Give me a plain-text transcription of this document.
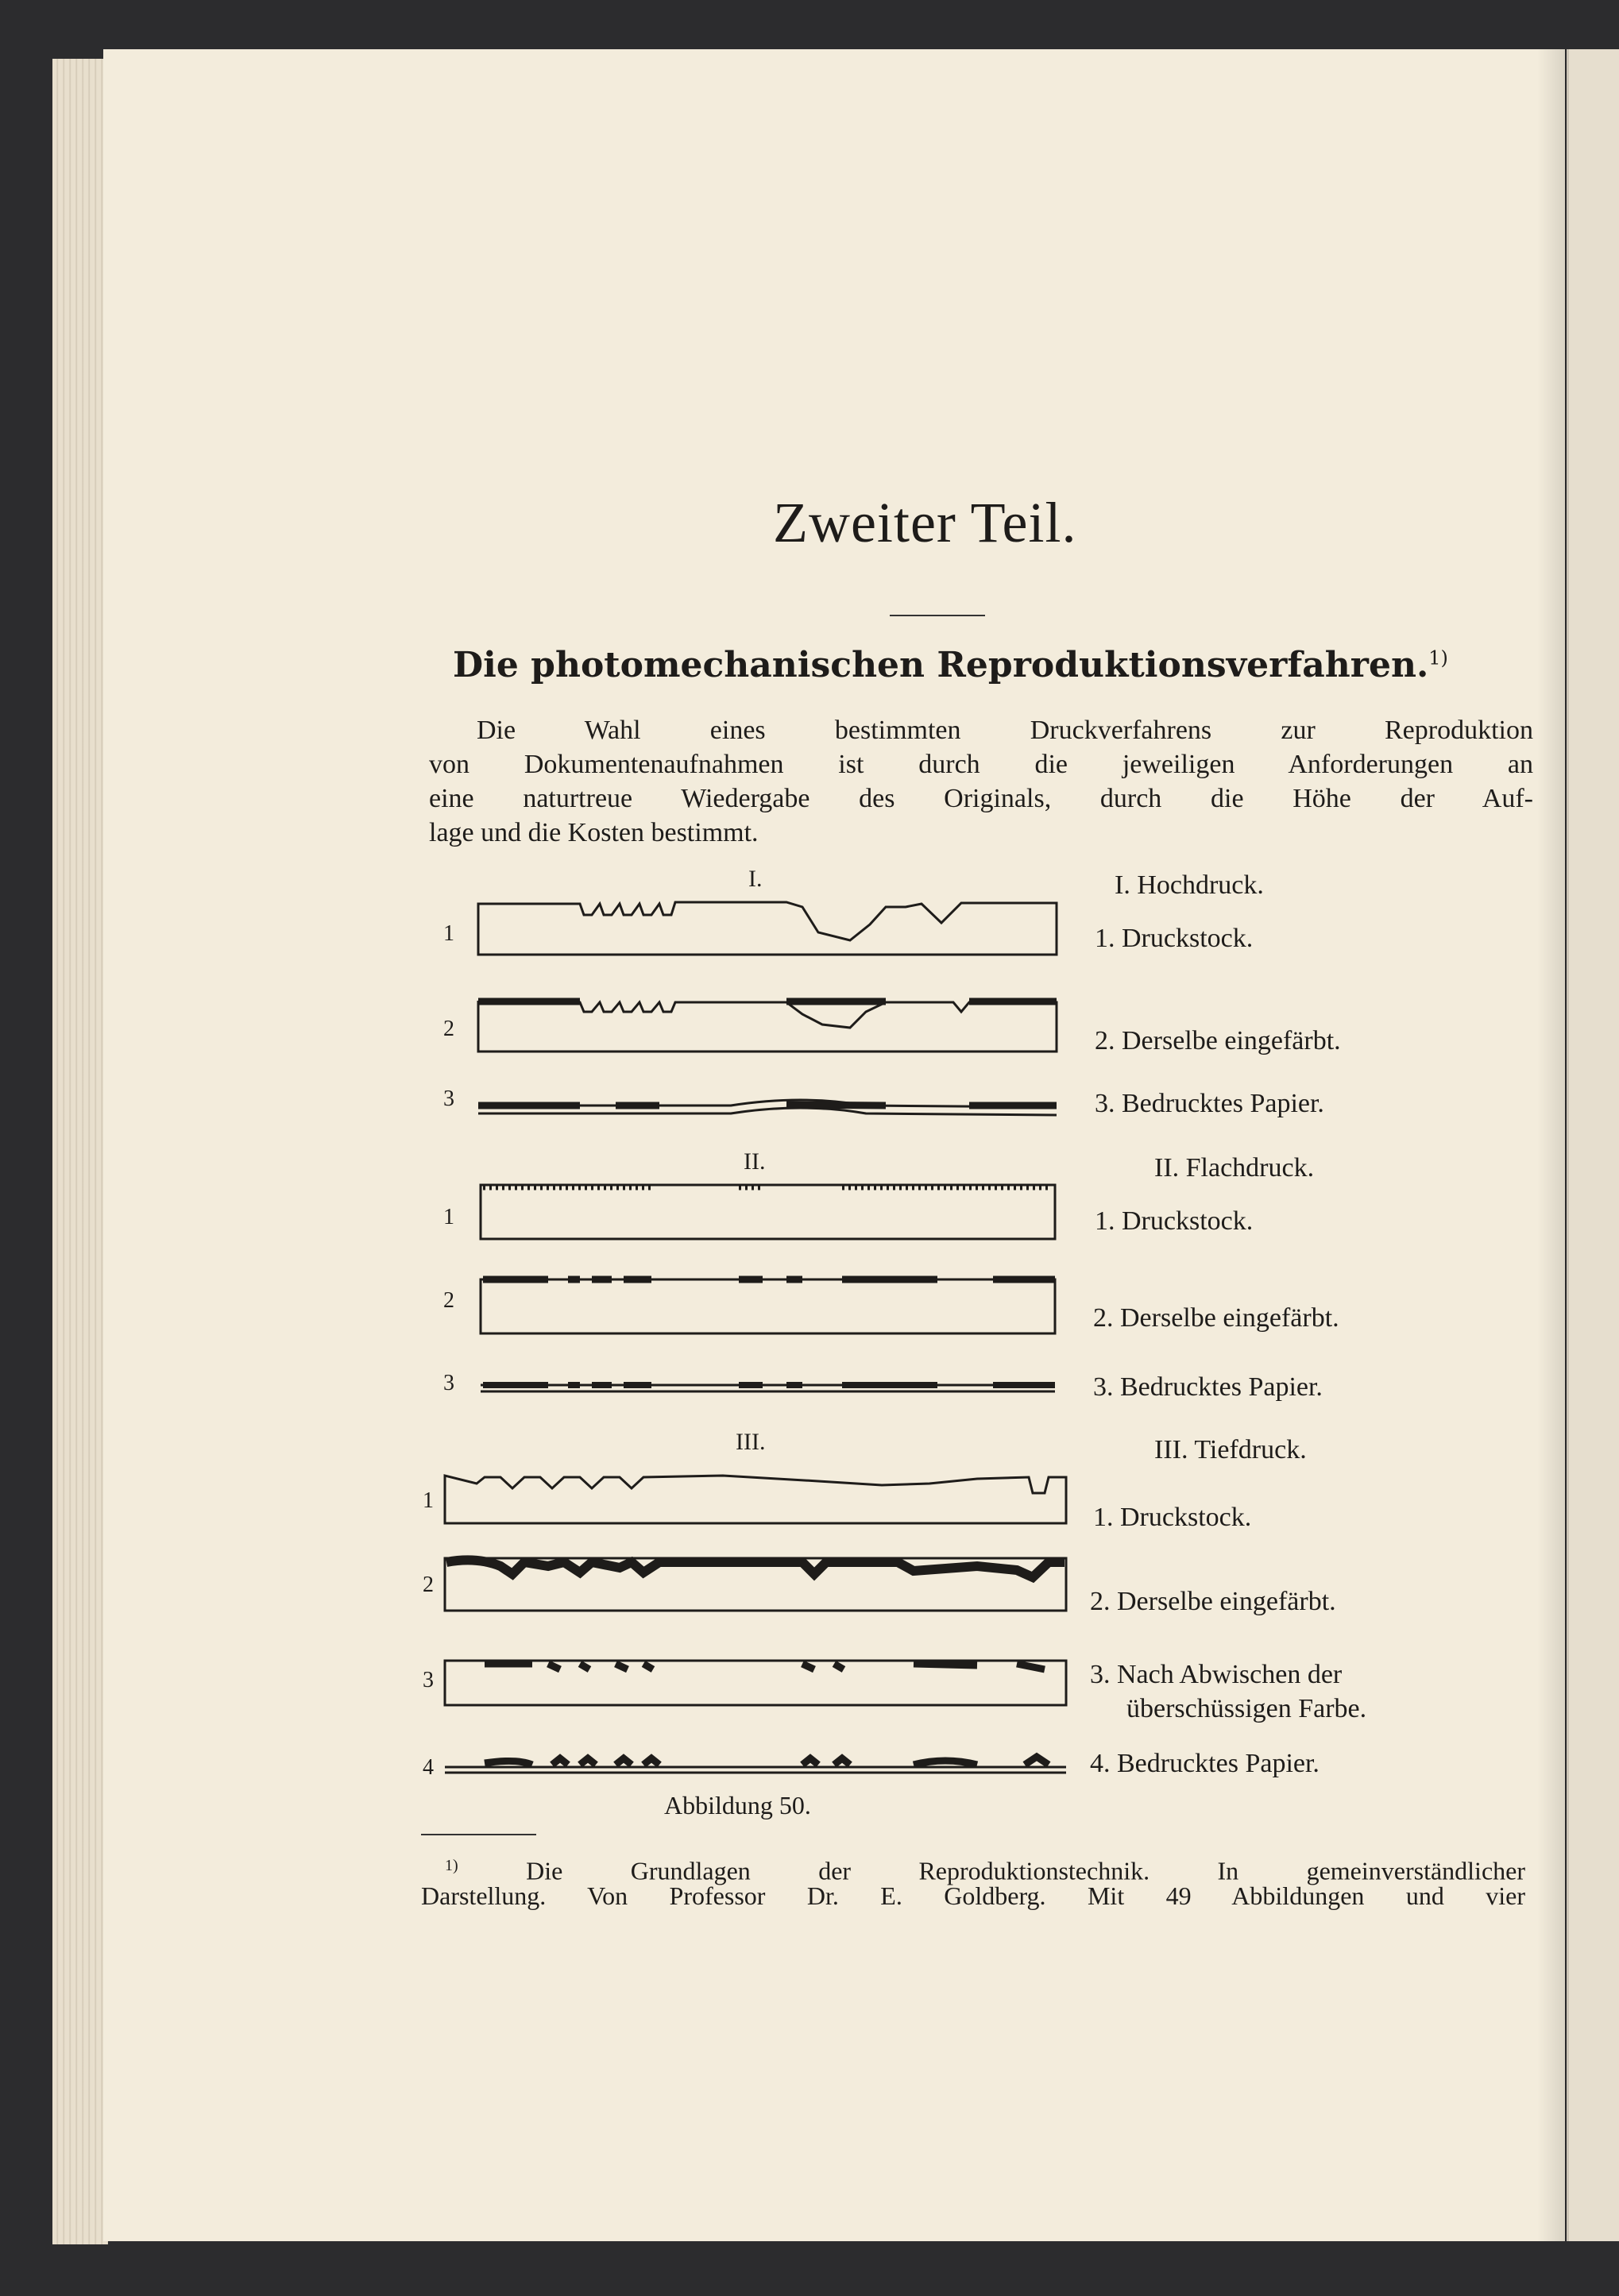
Zweiter Teil.
Die photomechanischen Reproduktionsverfahren.$^{1)}$
Die Wahl eines bestimmten Druckverfahrens zur Reproduktion
von Dokumentenaufnahmen ist durch die jeweiligen Anforderungen an
eine naturtreue Wiedergabe des Originals, durch die Höhe der Auf-
lage und die Kosten bestimmt.
I.
II.
III.
1
2
3
1
2
3
1
2
3
4
I. Hochdruck.
1. Druckstock.
2. Derselbe eingefärbt.
3. Bedrucktes Papier.
II. Flachdruck.
1. Druckstock.
2. Derselbe eingefärbt.
3. Bedrucktes Papier.
III. Tiefdruck.
1. Druckstock.
2. Derselbe eingefärbt.
3. Nach Abwischen der
überschüssigen Farbe.
4. Bedrucktes Papier.
Abbildung 50.
$^{1)}$	Die Grundlagen der Reproduktionstechnik. In gemeinverständlicher
Darstellung. Von Professor Dr. E. Goldberg. Mit 49 Abbildungen und vier
